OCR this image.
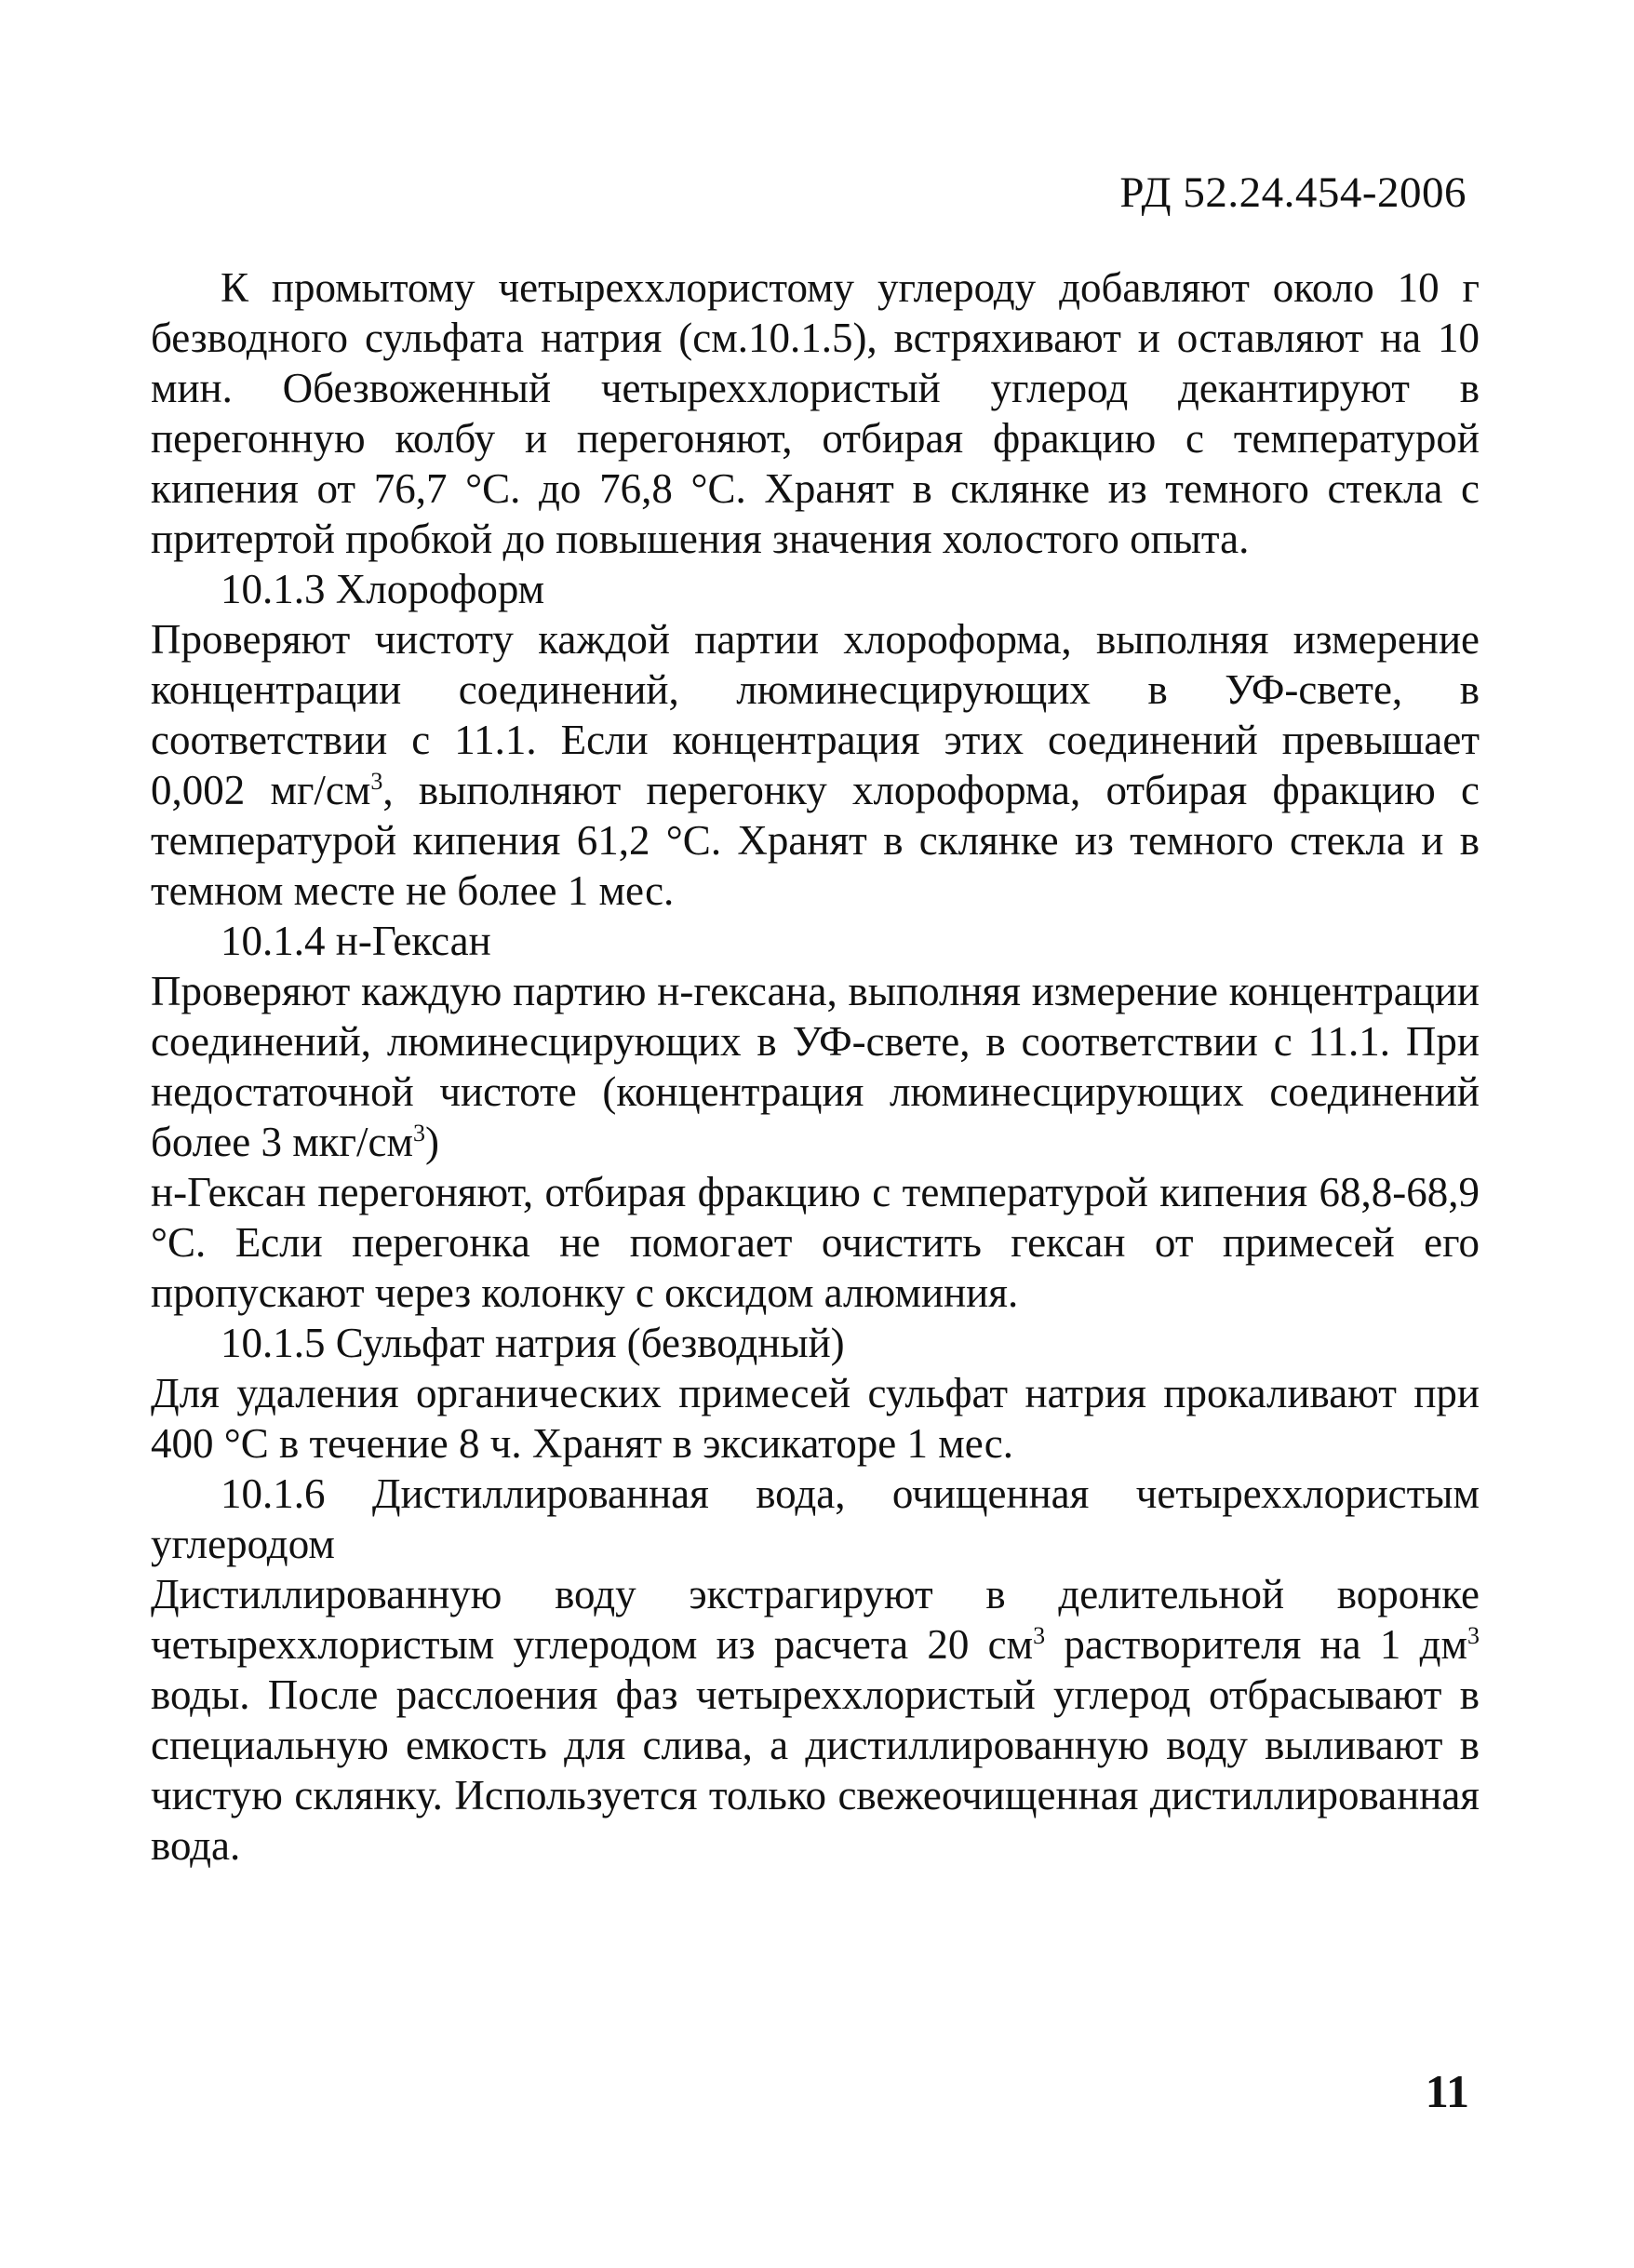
РД 52.24.454-2006

К промытому четыреххлористому углероду добавляют около 10 г безводного сульфата натрия (см.10.1.5), встряхивают и оставляют на 10 мин. Обезвоженный четыреххлористый углерод декантируют в перегонную колбу и перегоняют, отбирая фракцию с температурой кипения от 76,7 °С. до 76,8 °С. Хранят в склянке из темного стекла с притертой пробкой до повышения значения холостого опыта.

10.1.3 Хлороформ

Проверяют чистоту каждой партии хлороформа, выполняя измерение концентрации соединений, люминесцирующих в УФ-свете, в соответствии с 11.1. Если концентрация этих соединений превышает 0,002 $мг/см^3$, выполняют перегонку хлороформа, отбирая фракцию с температурой кипения 61,2 °С. Хранят в склянке из темного стекла и в темном месте не более 1 мес.

10.1.4 н-Гексан

Проверяют каждую партию н-гексана, выполняя измерение концентрации соединений, люминесцирующих в УФ-свете, в соответствии с 11.1. При недостаточной чистоте (концентрация люминесцирующих соединений более 3 мкг/$см^3$)

н-Гексан перегоняют, отбирая фракцию с температурой кипения 68,8-68,9 °С. Если перегонка не помогает очистить гексан от примесей его пропускают через колонку с оксидом алюминия.

10.1.5 Сульфат натрия (безводный)

Для удаления органических примесей сульфат натрия прокаливают при 400 °С в течение 8 ч. Хранят в эксикаторе 1 мес.

10.1.6 Дистиллированная вода, очищенная четыреххлористым углеродом

Дистиллированную воду экстрагируют в делительной воронке четыреххлористым углеродом из расчета 20 $см^3$ растворителя на 1 $дм^3$ воды. После расслоения фаз четыреххлористый углерод отбрасывают в специальную емкость для слива, а дистиллированную воду выливают в чистую склянку. Используется только свежеочищенная дистиллированная вода.

11
